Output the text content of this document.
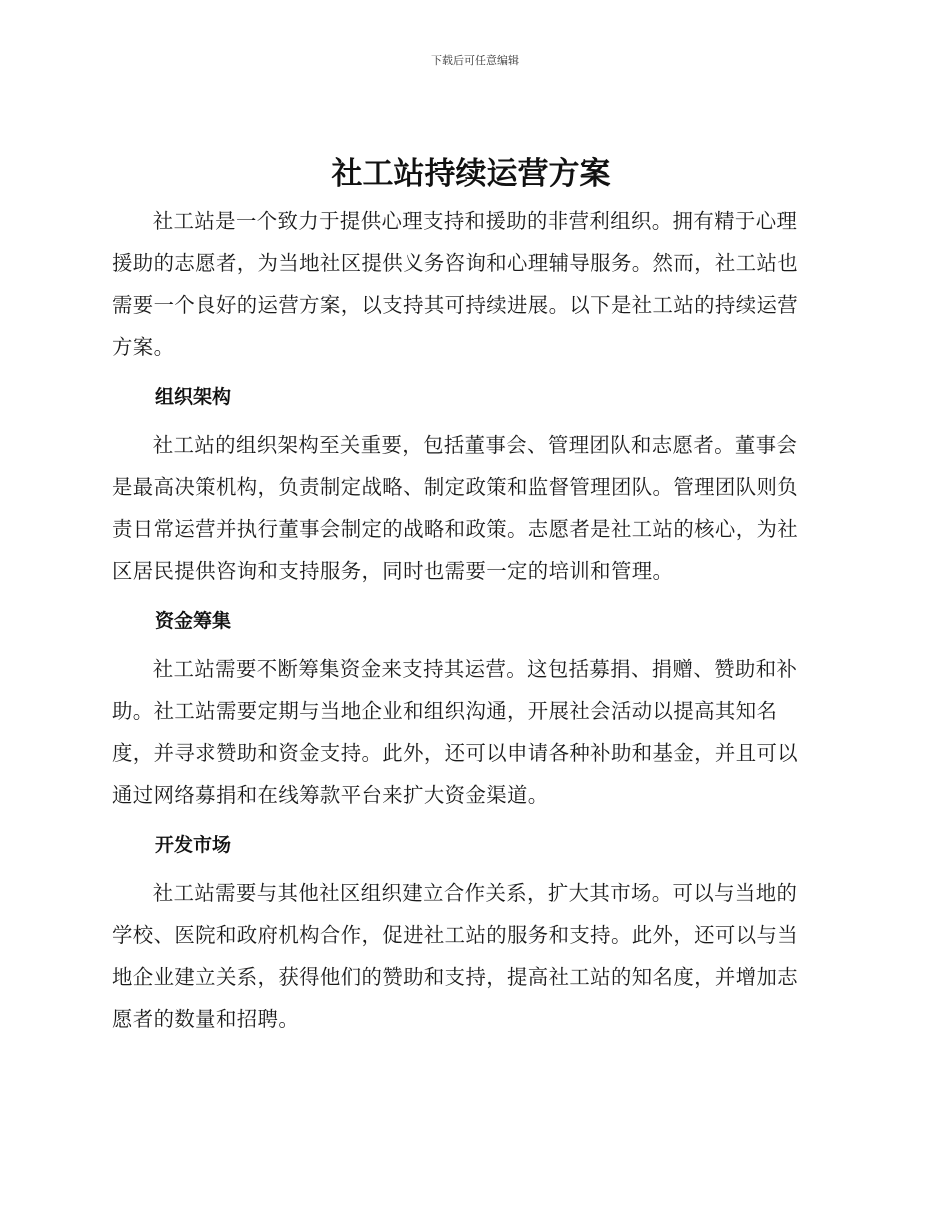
下载后可任意编辑
社工站持续运营方案

社工站是一个致力于提供心理支持和援助的非营利组织。拥有精于心理
援助的志愿者，为当地社区提供义务咨询和心理辅导服务。然而，社工站也
需要一个良好的运营方案，以支持其可持续进展。以下是社工站的持续运营
方案。

组织架构

社工站的组织架构至关重要，包括董事会、管理团队和志愿者。董事会
是最高决策机构，负责制定战略、制定政策和监督管理团队。管理团队则负
责日常运营并执行董事会制定的战略和政策。志愿者是社工站的核心，为社
区居民提供咨询和支持服务，同时也需要一定的培训和管理。

资金筹集

社工站需要不断筹集资金来支持其运营。这包括募捐、捐赠、赞助和补
助。社工站需要定期与当地企业和组织沟通，开展社会活动以提高其知名
度，并寻求赞助和资金支持。此外，还可以申请各种补助和基金，并且可以
通过网络募捐和在线筹款平台来扩大资金渠道。

开发市场

社工站需要与其他社区组织建立合作关系，扩大其市场。可以与当地的
学校、医院和政府机构合作，促进社工站的服务和支持。此外，还可以与当
地企业建立关系，获得他们的赞助和支持，提高社工站的知名度，并增加志
愿者的数量和招聘。
